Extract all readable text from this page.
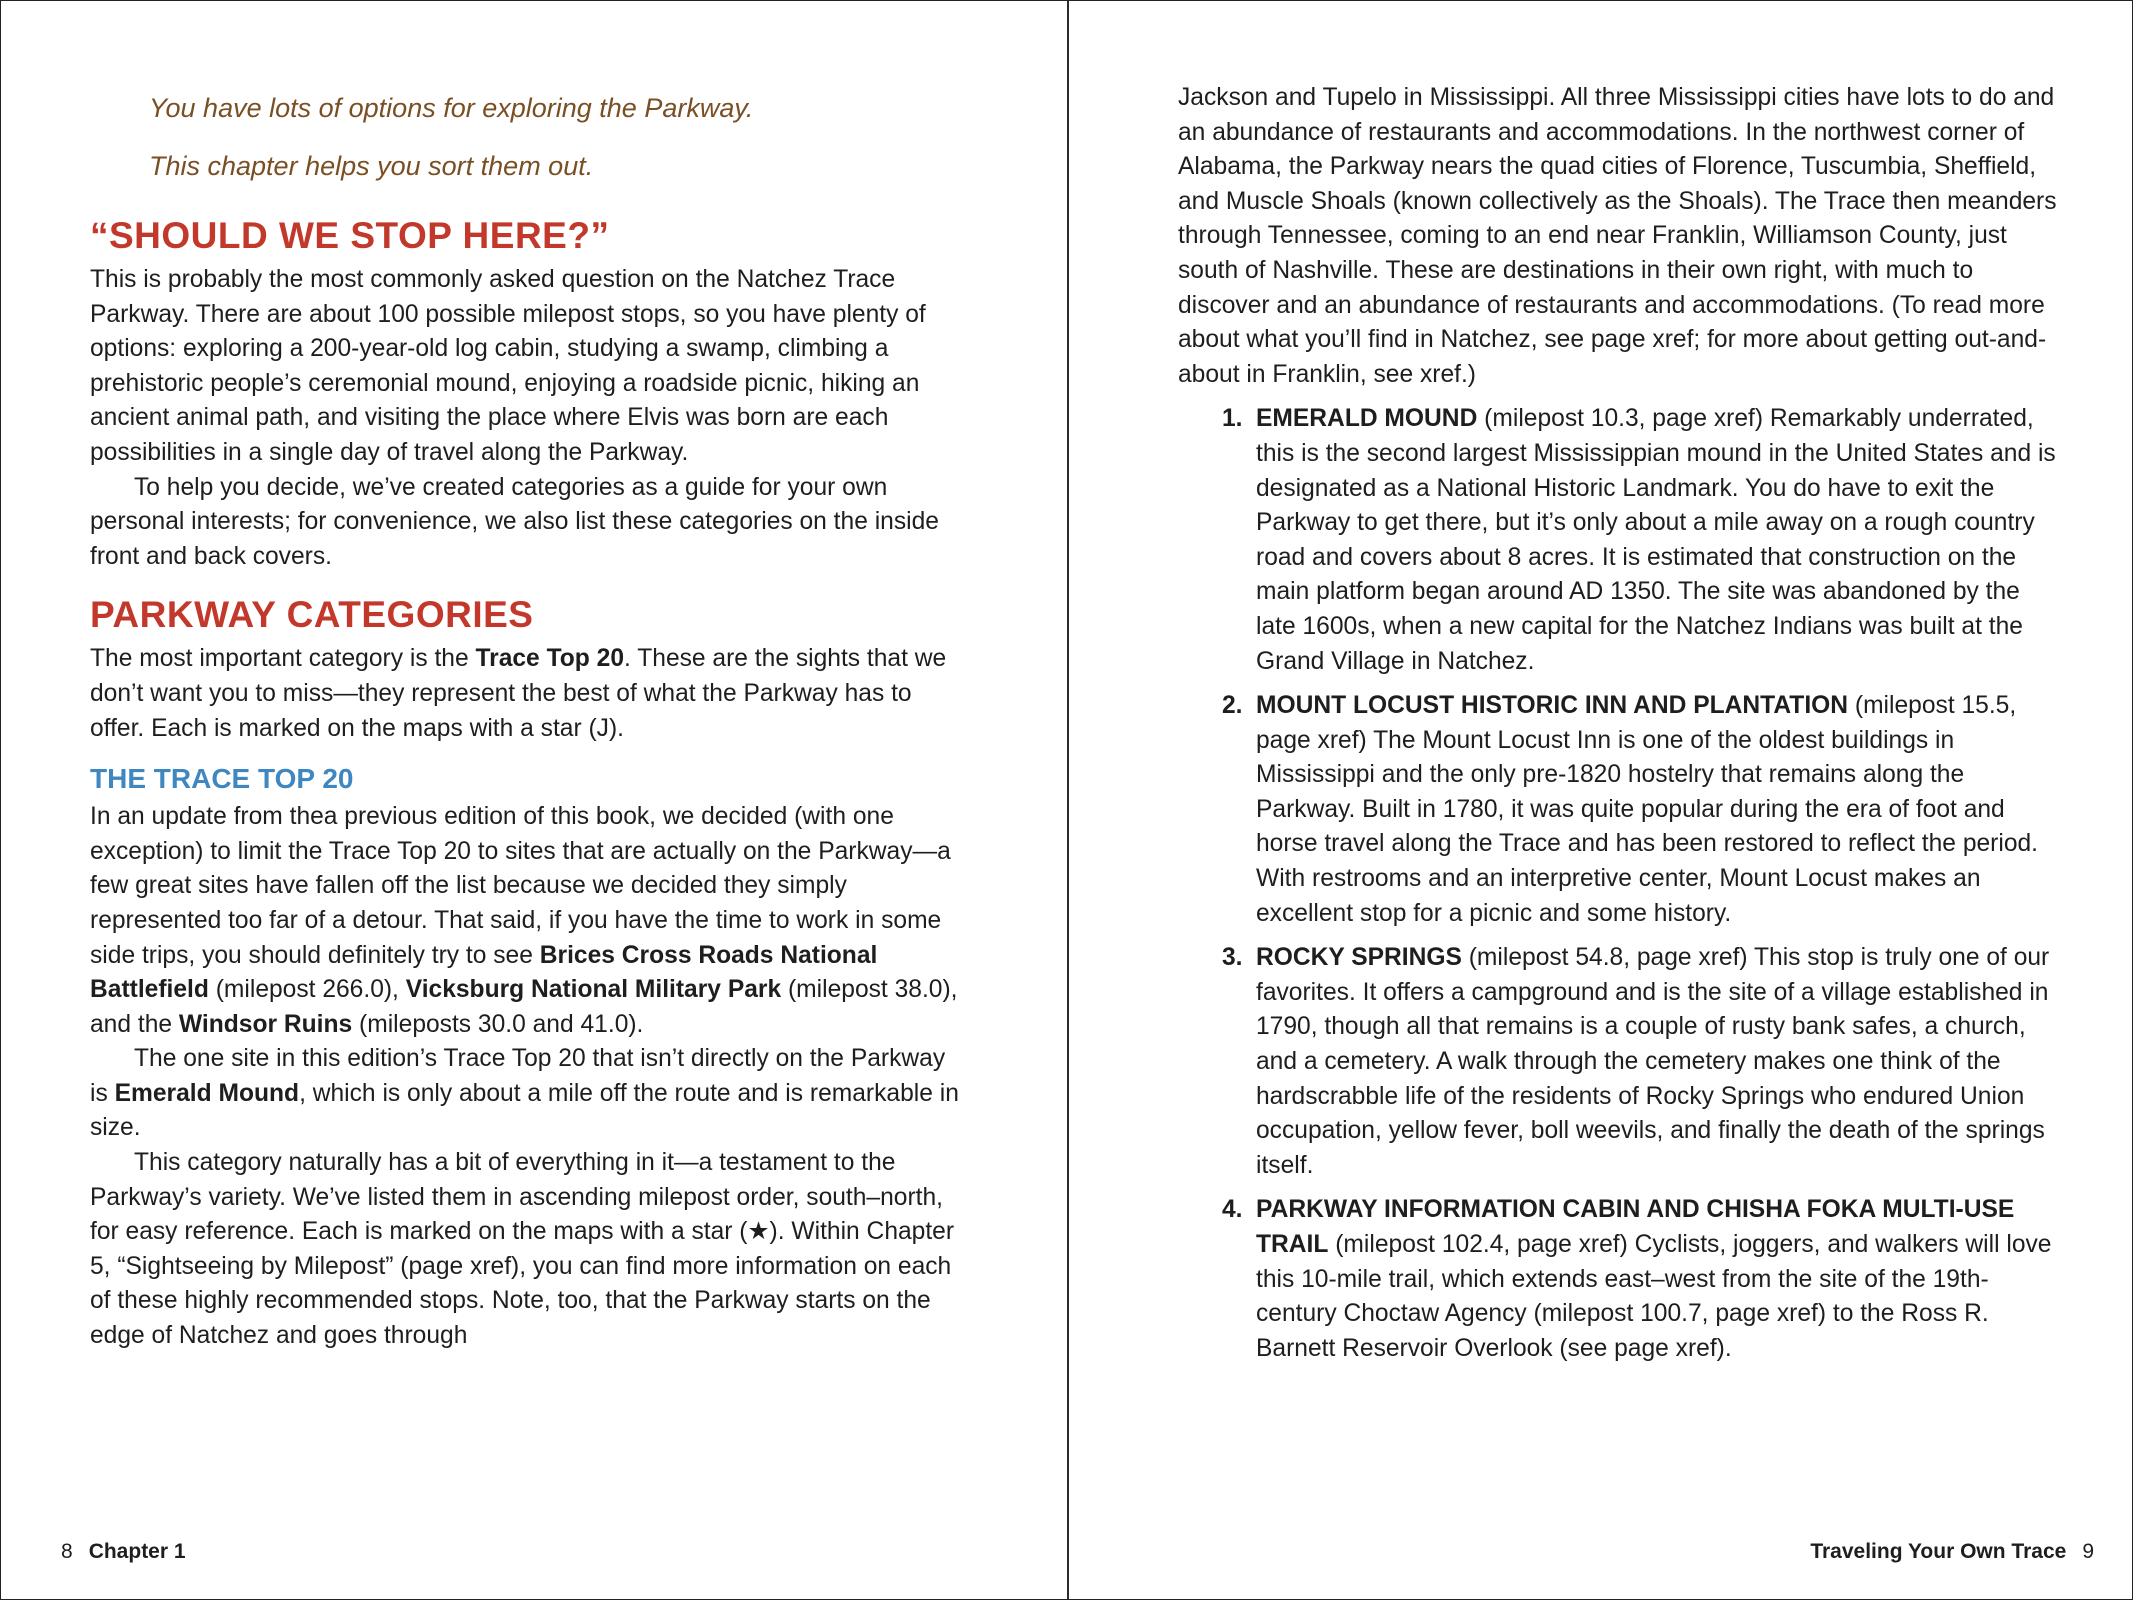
You have lots of options for exploring the Parkway.
This chapter helps you sort them out.
“SHOULD WE STOP HERE?”

This is probably the most commonly asked question on the Natchez Trace Parkway. There are about 100 possible milepost stops, so you have plenty of options: exploring a 200-year-old log cabin, studying a swamp, climbing a prehistoric people’s ceremonial mound, enjoying a roadside picnic, hiking an ancient animal path, and visiting the place where Elvis was born are each possibilities in a single day of travel along the Parkway.

To help you decide, we’ve created categories as a guide for your own personal interests; for convenience, we also list these categories on the inside front and back covers.

PARKWAY CATEGORIES

The most important category is the Trace Top 20. These are the sights that we don’t want you to miss—they represent the best of what the Parkway has to offer. Each is marked on the maps with a star (J).

THE TRACE TOP 20

In an update from thea previous edition of this book, we decided (with one exception) to limit the Trace Top 20 to sites that are actually on the Parkway—a few great sites have fallen off the list because we decided they simply represented too far of a detour. That said, if you have the time to work in some side trips, you should definitely try to see Brices Cross Roads National Battlefield (milepost 266.0), Vicksburg National Military Park (milepost 38.0), and the Windsor Ruins (mileposts 30.0 and 41.0).

The one site in this edition’s Trace Top 20 that isn’t directly on the Parkway is Emerald Mound, which is only about a mile off the route and is remarkable in size.

This category naturally has a bit of everything in it—a testament to the Parkway’s variety. We’ve listed them in ascending milepost order, south–north, for easy reference. Each is marked on the maps with a star (★). Within Chapter 5, “Sightseeing by Milepost” (page xref), you can find more information on each of these highly recommended stops. Note, too, that the Parkway starts on the edge of Natchez and goes through

8 Chapter 1

Jackson and Tupelo in Mississippi. All three Mississippi cities have lots to do and an abundance of restaurants and accommodations. In the northwest corner of Alabama, the Parkway nears the quad cities of Florence, Tuscumbia, Sheffield, and Muscle Shoals (known collectively as the Shoals). The Trace then meanders through Tennessee, coming to an end near Franklin, Williamson County, just south of Nashville. These are destinations in their own right, with much to discover and an abundance of restaurants and accommodations. (To read more about what you’ll find in Natchez, see page xref; for more about getting out-and-about in Franklin, see xref.)

1. EMERALD MOUND (milepost 10.3, page xref) Remarkably underrated, this is the second largest Mississippian mound in the United States and is designated as a National Historic Landmark. You do have to exit the Parkway to get there, but it’s only about a mile away on a rough country road and covers about 8 acres. It is estimated that construction on the main platform began around AD 1350. The site was abandoned by the late 1600s, when a new capital for the Natchez Indians was built at the Grand Village in Natchez.

2. MOUNT LOCUST HISTORIC INN AND PLANTATION (milepost 15.5, page xref) The Mount Locust Inn is one of the oldest buildings in Mississippi and the only pre-1820 hostelry that remains along the Parkway. Built in 1780, it was quite popular during the era of foot and horse travel along the Trace and has been restored to reflect the period. With restrooms and an interpretive center, Mount Locust makes an excellent stop for a picnic and some history.

3. ROCKY SPRINGS (milepost 54.8, page xref) This stop is truly one of our favorites. It offers a campground and is the site of a village established in 1790, though all that remains is a couple of rusty bank safes, a church, and a cemetery. A walk through the cemetery makes one think of the hardscrabble life of the residents of Rocky Springs who endured Union occupation, yellow fever, boll weevils, and finally the death of the springs itself.

4. PARKWAY INFORMATION CABIN AND CHISHA FOKA MULTI-USE TRAIL (milepost 102.4, page xref) Cyclists, joggers, and walkers will love this 10-mile trail, which extends east–west from the site of the 19th-century Choctaw Agency (milepost 100.7, page xref) to the Ross R. Barnett Reservoir Overlook (see page xref).

Traveling Your Own Trace 9
